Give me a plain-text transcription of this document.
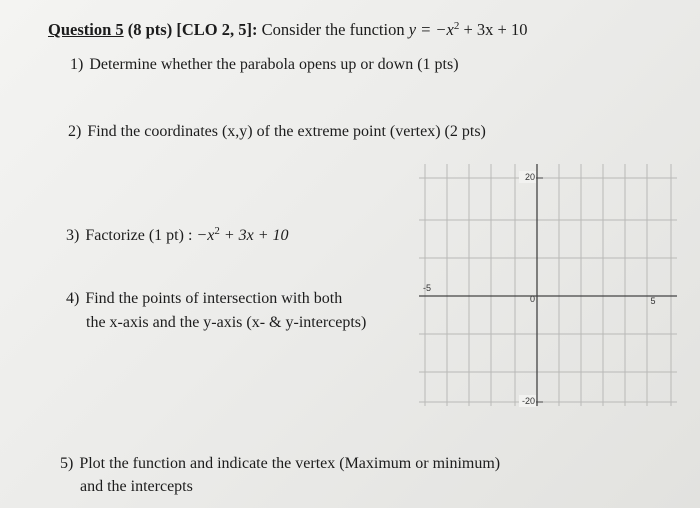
Question 5 (8 pts) [CLO 2, 5]: Consider the function $y = -x^2 + 3x + 10$
1) Determine whether the parabola opens up or down (1 pts)
2) Find the coordinates (x,y) of the extreme point (vertex) (2 pts)
3) Factorize (1 pt) : $-x^2 + 3x + 10$
4) Find the points of intersection with both
the x-axis and the y-axis (x- & y-intercepts)
5) Plot the function and indicate the vertex (Maximum or minimum)
and the intercepts
20
-20
-5
5
0
